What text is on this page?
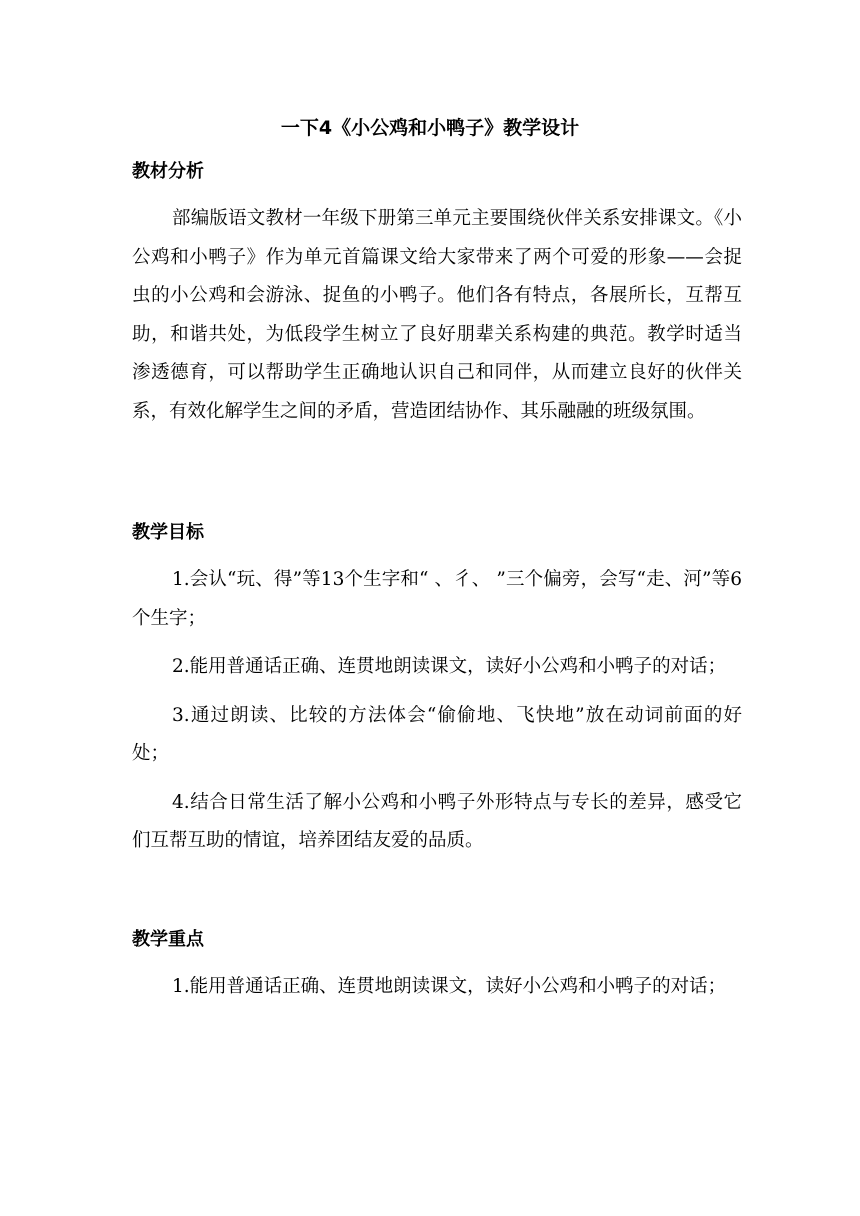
一下4《小公鸡和小鸭子》教学设计
教材分析

部编版语文教材一年级下册第三单元主要围绕伙伴关系安排课文。《小公鸡和小鸭子》作为单元首篇课文给大家带来了两个可爱的形象——会捉虫的小公鸡和会游泳、捉鱼的小鸭子。他们各有特点，各展所长，互帮互助，和谐共处，为低段学生树立了良好朋辈关系构建的典范。教学时适当渗透德育，可以帮助学生正确地认识自己和同伴，从而建立良好的伙伴关系，有效化解学生之间的矛盾，营造团结协作、其乐融融的班级氛围。

教学目标

1.会认“玩、得”等13个生字和“ 、彳、 ”三个偏旁，会写“走、河”等6个生字；

2.能用普通话正确、连贯地朗读课文，读好小公鸡和小鸭子的对话；

3.通过朗读、比较的方法体会“偷偷地、飞快地”放在动词前面的好处；

4.结合日常生活了解小公鸡和小鸭子外形特点与专长的差异，感受它们互帮互助的情谊，培养团结友爱的品质。

教学重点

1.能用普通话正确、连贯地朗读课文，读好小公鸡和小鸭子的对话；
